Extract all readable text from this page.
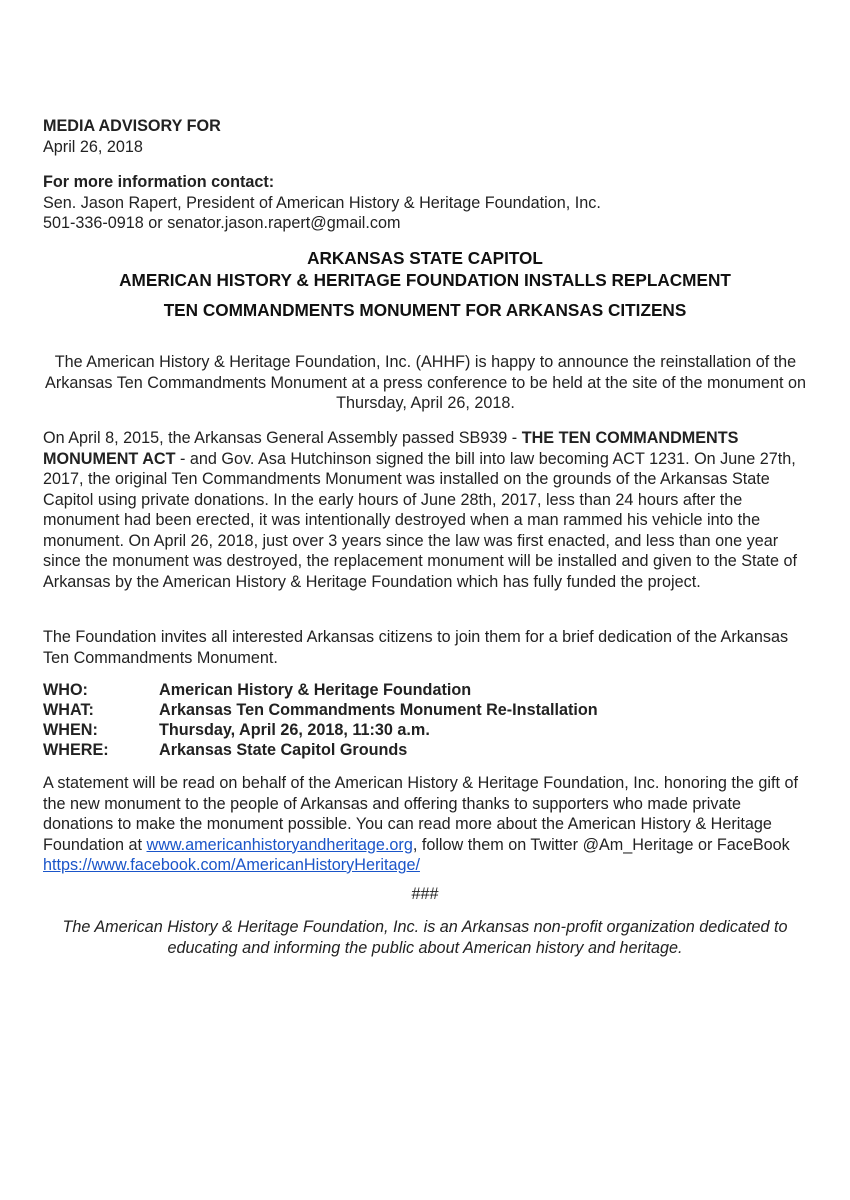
MEDIA ADVISORY FOR
April 26, 2018
For more information contact:
Sen. Jason Rapert, President of American History & Heritage Foundation, Inc.
501-336-0918 or senator.jason.rapert@gmail.com
ARKANSAS STATE CAPITOL
AMERICAN HISTORY & HERITAGE FOUNDATION INSTALLS REPLACMENT
TEN COMMANDMENTS MONUMENT FOR ARKANSAS CITIZENS
The American History & Heritage Foundation, Inc. (AHHF) is happy to announce the reinstallation of the Arkansas Ten Commandments Monument at a press conference to be held at the site of the monument on Thursday, April 26, 2018.
On April 8, 2015, the Arkansas General Assembly passed SB939 - THE TEN COMMANDMENTS MONUMENT ACT - and Gov. Asa Hutchinson signed the bill into law becoming ACT 1231. On June 27th, 2017, the original Ten Commandments Monument was installed on the grounds of the Arkansas State Capitol using private donations. In the early hours of June 28th, 2017, less than 24 hours after the monument had been erected, it was intentionally destroyed when a man rammed his vehicle into the monument. On April 26, 2018, just over 3 years since the law was first enacted, and less than one year since the monument was destroyed, the replacement monument will be installed and given to the State of Arkansas by the American History & Heritage Foundation which has fully funded the project.
The Foundation invites all interested Arkansas citizens to join them for a brief dedication of the Arkansas Ten Commandments Monument.
WHO:	American History & Heritage Foundation
WHAT:	Arkansas Ten Commandments Monument Re-Installation
WHEN:	Thursday, April 26, 2018, 11:30 a.m.
WHERE:	Arkansas State Capitol Grounds
A statement will be read on behalf of the American History & Heritage Foundation, Inc. honoring the gift of the new monument to the people of Arkansas and offering thanks to supporters who made private donations to make the monument possible. You can read more about the American History & Heritage Foundation at www.americanhistoryandheritage.org, follow them on Twitter @Am_Heritage or FaceBook https://www.facebook.com/AmericanHistoryHeritage/
###
The American History & Heritage Foundation, Inc. is an Arkansas non-profit organization dedicated to educating and informing the public about American history and heritage.
